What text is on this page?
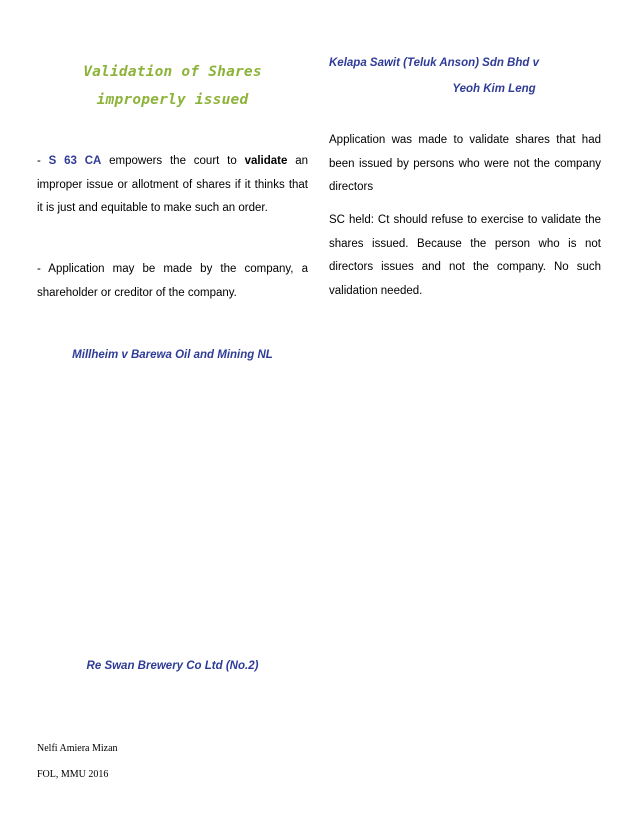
Validation of Shares improperly issued
- S 63 CA empowers the court to validate an improper issue or allotment of shares if it thinks that it is just and equitable to make such an order.
- Application may be made by the company, a shareholder or creditor of the company.
Millheim v Barewa Oil and Mining NL
Re Swan Brewery Co Ltd (No.2)
Kelapa Sawit (Teluk Anson) Sdn Bhd v
Yeoh Kim Leng
Application was made to validate shares that had been issued by persons who were not the company directors
SC held: Ct should refuse to exercise to validate the shares issued. Because the person who is not directors issues and not the company. No such validation needed.
Nelfi Amiera Mizan
FOL, MMU 2016
